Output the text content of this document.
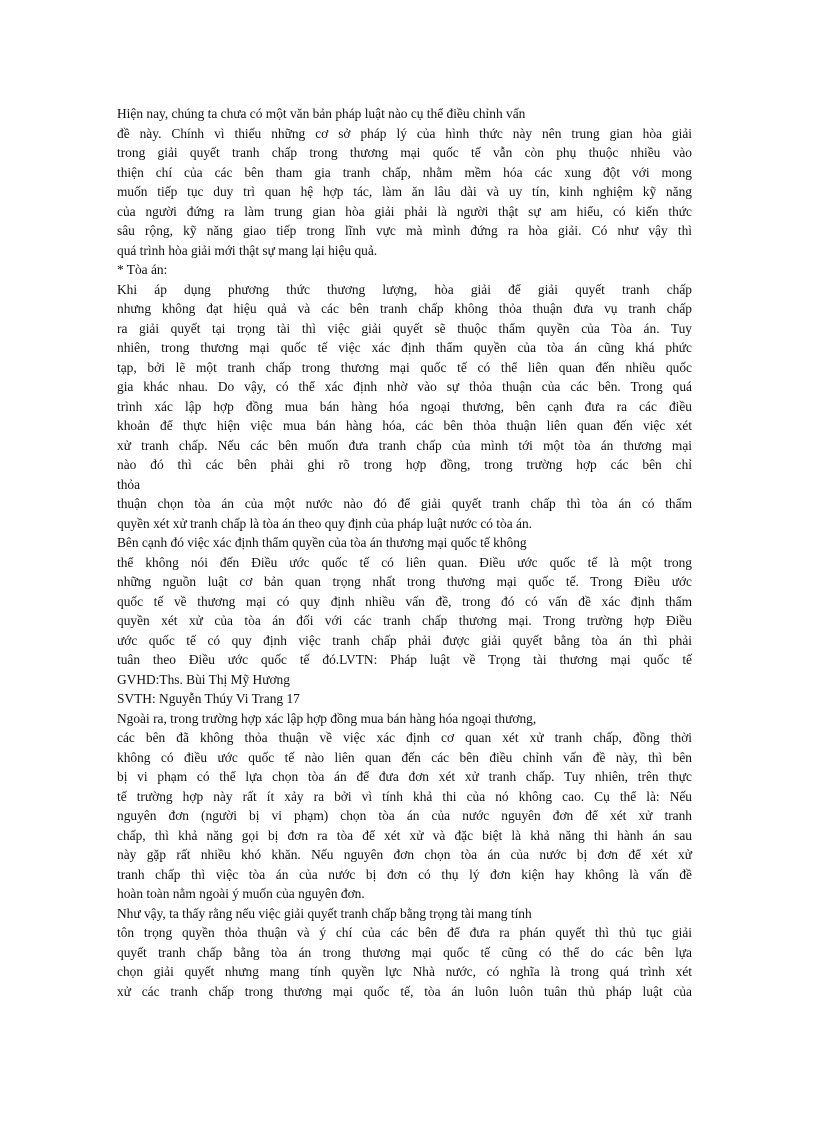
Hiện nay, chúng ta chưa có một văn bản pháp luật nào cụ thể điều chỉnh vấn
đề này. Chính vì thiếu những cơ sở pháp lý của hình thức này nên trung gian hòa giải
trong giải quyết tranh chấp trong thương mại quốc tế vẫn còn phụ thuộc nhiều vào
thiện chí của các bên tham gia tranh chấp, nhằm mềm hóa các xung đột với mong
muốn tiếp tục duy trì quan hệ hợp tác, làm ăn lâu dài và uy tín, kinh nghiệm kỹ năng
của người đứng ra làm trung gian hòa giải phải là người thật sự am hiểu, có kiến thức
sâu rộng, kỹ năng giao tiếp trong lĩnh vực mà mình đứng ra hòa giải. Có như vậy thì
quá trình hòa giải mới thật sự mang lại hiệu quả.
* Tòa án:
Khi áp dụng phương thức thương lượng, hòa giải để giải quyết tranh chấp
nhưng không đạt hiệu quả và các bên tranh chấp không thỏa thuận đưa vụ tranh chấp
ra giải quyết tại trọng tài thì việc giải quyết sẽ thuộc thẩm quyền của Tòa án. Tuy
nhiên, trong thương mại quốc tế việc xác định thẩm quyền của tòa án cũng khá phức
tạp, bởi lẽ một tranh chấp trong thương mại quốc tế có thể liên quan đến nhiều quốc
gia khác nhau. Do vậy, có thể xác định nhờ vào sự thỏa thuận của các bên. Trong quá
trình xác lập hợp đồng mua bán hàng hóa ngoại thương, bên cạnh đưa ra các điều
khoản để thực hiện việc mua bán hàng hóa, các bên thỏa thuận liên quan đến việc xét
xử tranh chấp. Nếu các bên muốn đưa tranh chấp của mình tới một tòa án thương mại
nào đó thì các bên phải ghi rõ trong hợp đồng, trong trường hợp các bên chỉ
thỏa
thuận chọn tòa án của một nước nào đó để giải quyết tranh chấp thì tòa án có thẩm
quyền xét xử tranh chấp là tòa án theo quy định của pháp luật nước có tòa án.
Bên cạnh đó việc xác định thẩm quyền của tòa án thương mại quốc tế không
thể không nói đến Điều ước quốc tế có liên quan. Điều ước quốc tế là một trong
những nguồn luật cơ bản quan trọng nhất trong thương mại quốc tế. Trong Điều ước
quốc tế về thương mại có quy định nhiều vấn đề, trong đó có vấn đề xác định thẩm
quyền xét xử của tòa án đối với các tranh chấp thương mại. Trong trường hợp Điều
ước quốc tế có quy định việc tranh chấp phải được giải quyết bằng tòa án thì phải
tuân theo Điều ước quốc tế đó.LVTN: Pháp luật về Trọng tài thương mại quốc tế
GVHD:Ths. Bùi Thị Mỹ Hương
SVTH: Nguyễn Thúy Vi Trang 17
Ngoài ra, trong trường hợp xác lập hợp đồng mua bán hàng hóa ngoại thương,
các bên đã không thỏa thuận về việc xác định cơ quan xét xử tranh chấp, đồng thời
không có điều ước quốc tế nào liên quan đến các bên điều chỉnh vấn đề này, thì bên
bị vi phạm có thể lựa chọn tòa án để đưa đơn xét xử tranh chấp. Tuy nhiên, trên thực
tế trường hợp này rất ít xảy ra bởi vì tính khả thi của nó không cao. Cụ thể là: Nếu
nguyên đơn (người bị vi phạm) chọn tòa án của nước nguyên đơn để xét xử tranh
chấp, thì khả năng gọi bị đơn ra tòa để xét xử và đặc biệt là khả năng thi hành án sau
này gặp rất nhiều khó khăn. Nếu nguyên đơn chọn tòa án của nước bị đơn để xét xử
tranh chấp thì việc tòa án của nước bị đơn có thụ lý đơn kiện hay không là vấn đề
hoàn toàn nằm ngoài ý muốn của nguyên đơn.
Như vậy, ta thấy rằng nếu việc giải quyết tranh chấp bằng trọng tài mang tính
tôn trọng quyền thỏa thuận và ý chí của các bên để đưa ra phán quyết thì thủ tục giải
quyết tranh chấp bằng tòa án trong thương mại quốc tế cũng có thể do các bên lựa
chọn giải quyết nhưng mang tính quyền lực Nhà nước, có nghĩa là trong quá trình xét
xử các tranh chấp trong thương mại quốc tế, tòa án luôn luôn tuân thủ pháp luật của
